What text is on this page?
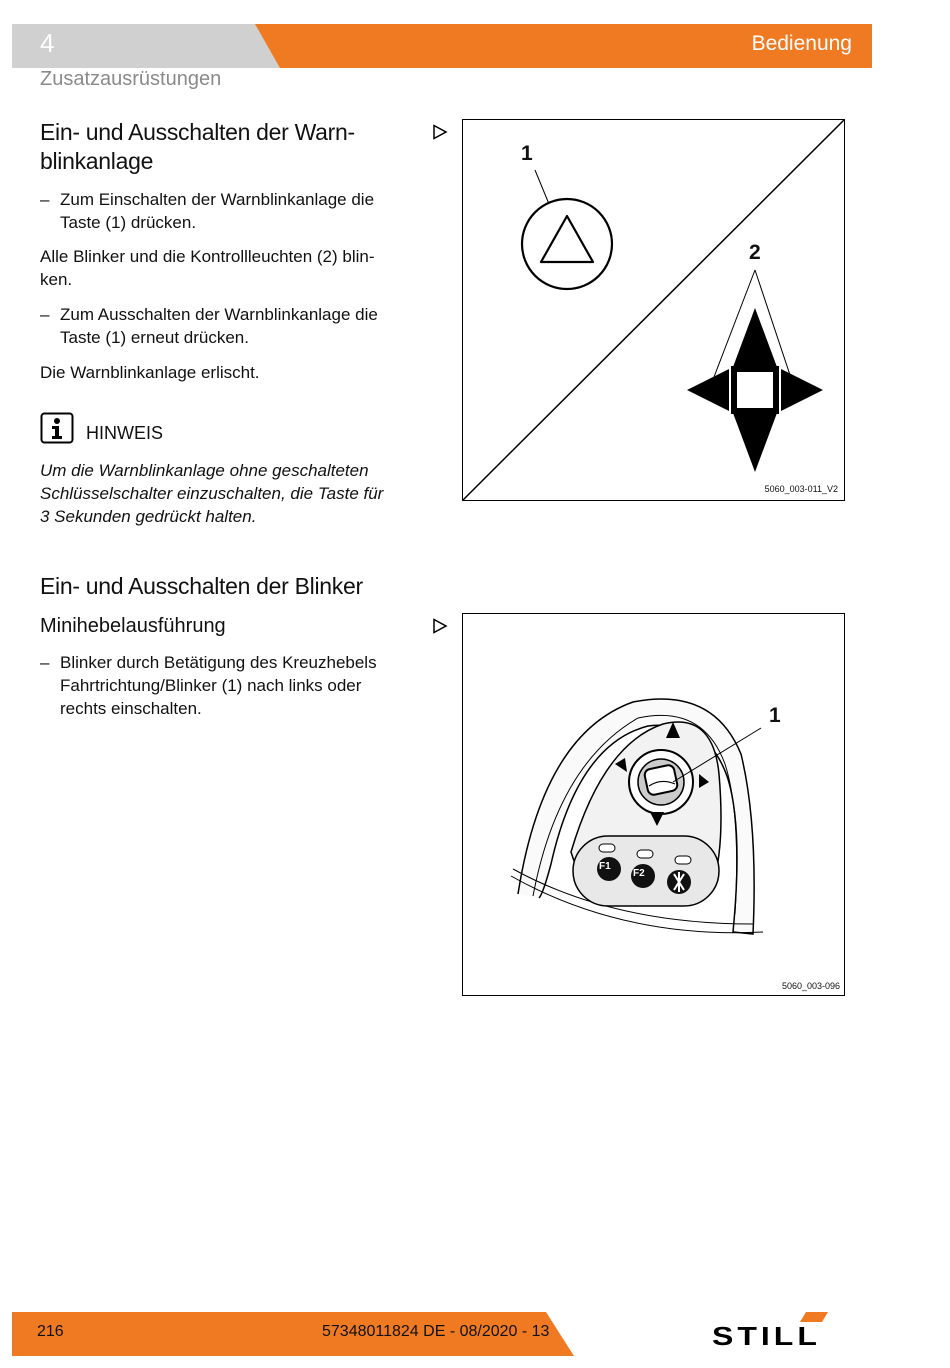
4	Bedienung
Zusatzausrüstungen
Ein- und Ausschalten der Warn-
blinkanlage
– Zum Einschalten der Warnblinkanlage die
Taste (1) drücken.
Alle Blinker und die Kontrollleuchten (2) blin-
ken.
– Zum Ausschalten der Warnblinkanlage die
Taste (1) erneut drücken.
Die Warnblinkanlage erlischt.
HINWEIS
Um die Warnblinkanlage ohne geschalteten
Schlüsselschalter einzuschalten, die Taste für
3 Sekunden gedrückt halten.
1
2
5060_003-011_V2
Ein- und Ausschalten der Blinker
Minihebelausführung
– Blinker durch Betätigung des Kreuzhebels
Fahrtrichtung/Blinker (1) nach links oder
rechts einschalten.
F1
F2
1
5060_003-096
216	57348011824 DE - 08/2020 - 13	STILL
